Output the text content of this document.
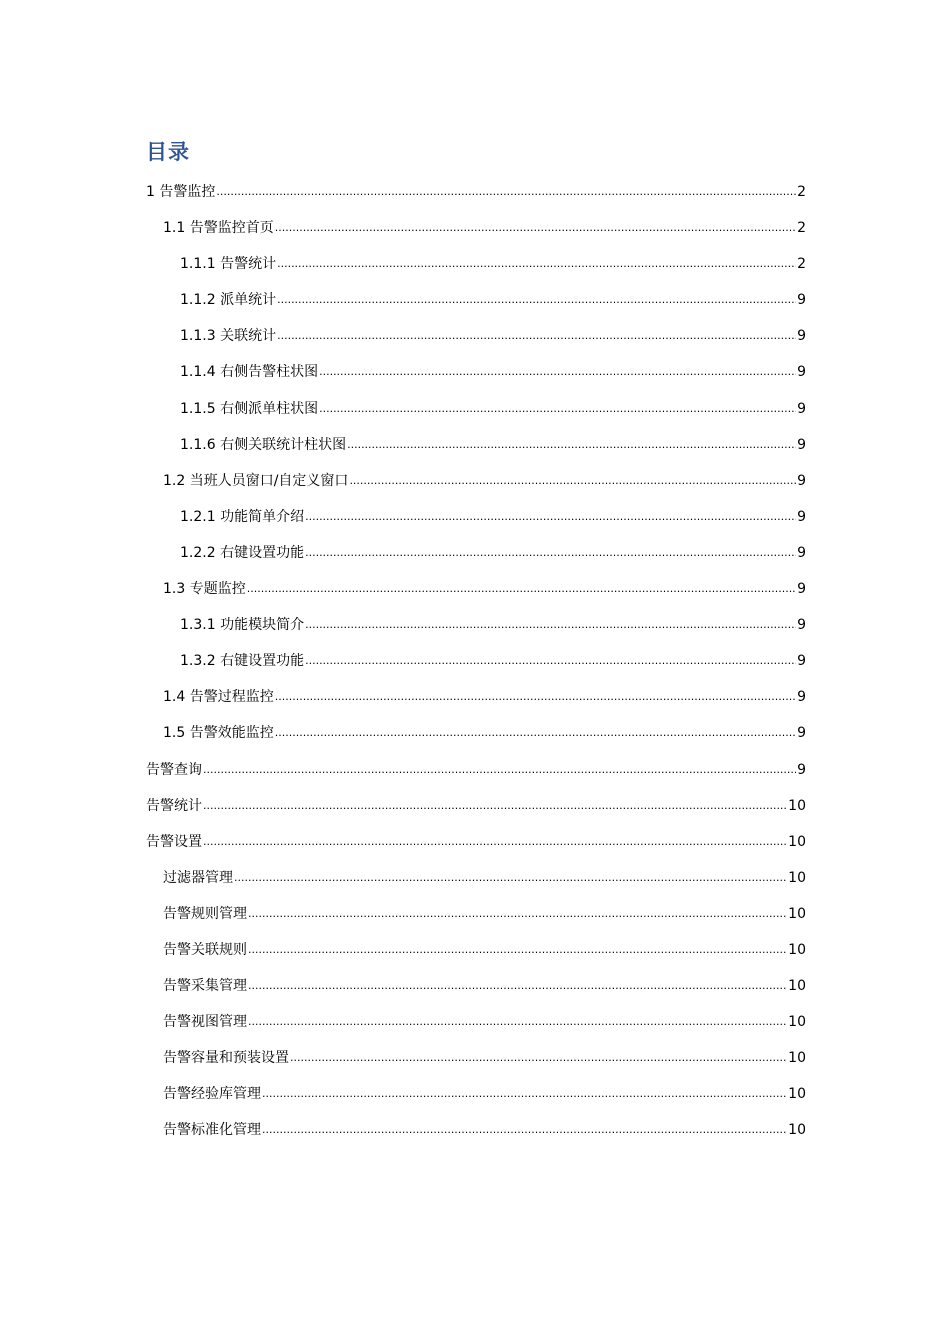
目录
1 告警监控 .....	2
1.1 告警监控首页 .....	2
1.1.1 告警统计 .....	2
1.1.2 派单统计 .....	9
1.1.3 关联统计 .....	9
1.1.4 右侧告警柱状图 .....	9
1.1.5 右侧派单柱状图 .....	9
1.1.6 右侧关联统计柱状图 .....	9
1.2 当班人员窗口/自定义窗口 .....	9
1.2.1 功能简单介绍 .....	9
1.2.2 右键设置功能 .....	9
1.3 专题监控 .....	9
1.3.1 功能模块简介 .....	9
1.3.2 右键设置功能 .....	9
1.4 告警过程监控 .....	9
1.5 告警效能监控 .....	9
告警查询 .....	9
告警统计 .....	10
告警设置 .....	10
过滤器管理 .....	10
告警规则管理 .....	10
告警关联规则 .....	10
告警采集管理 .....	10
告警视图管理 .....	10
告警容量和预装设置 .....	10
告警经验库管理 .....	10
告警标准化管理 .....	10
